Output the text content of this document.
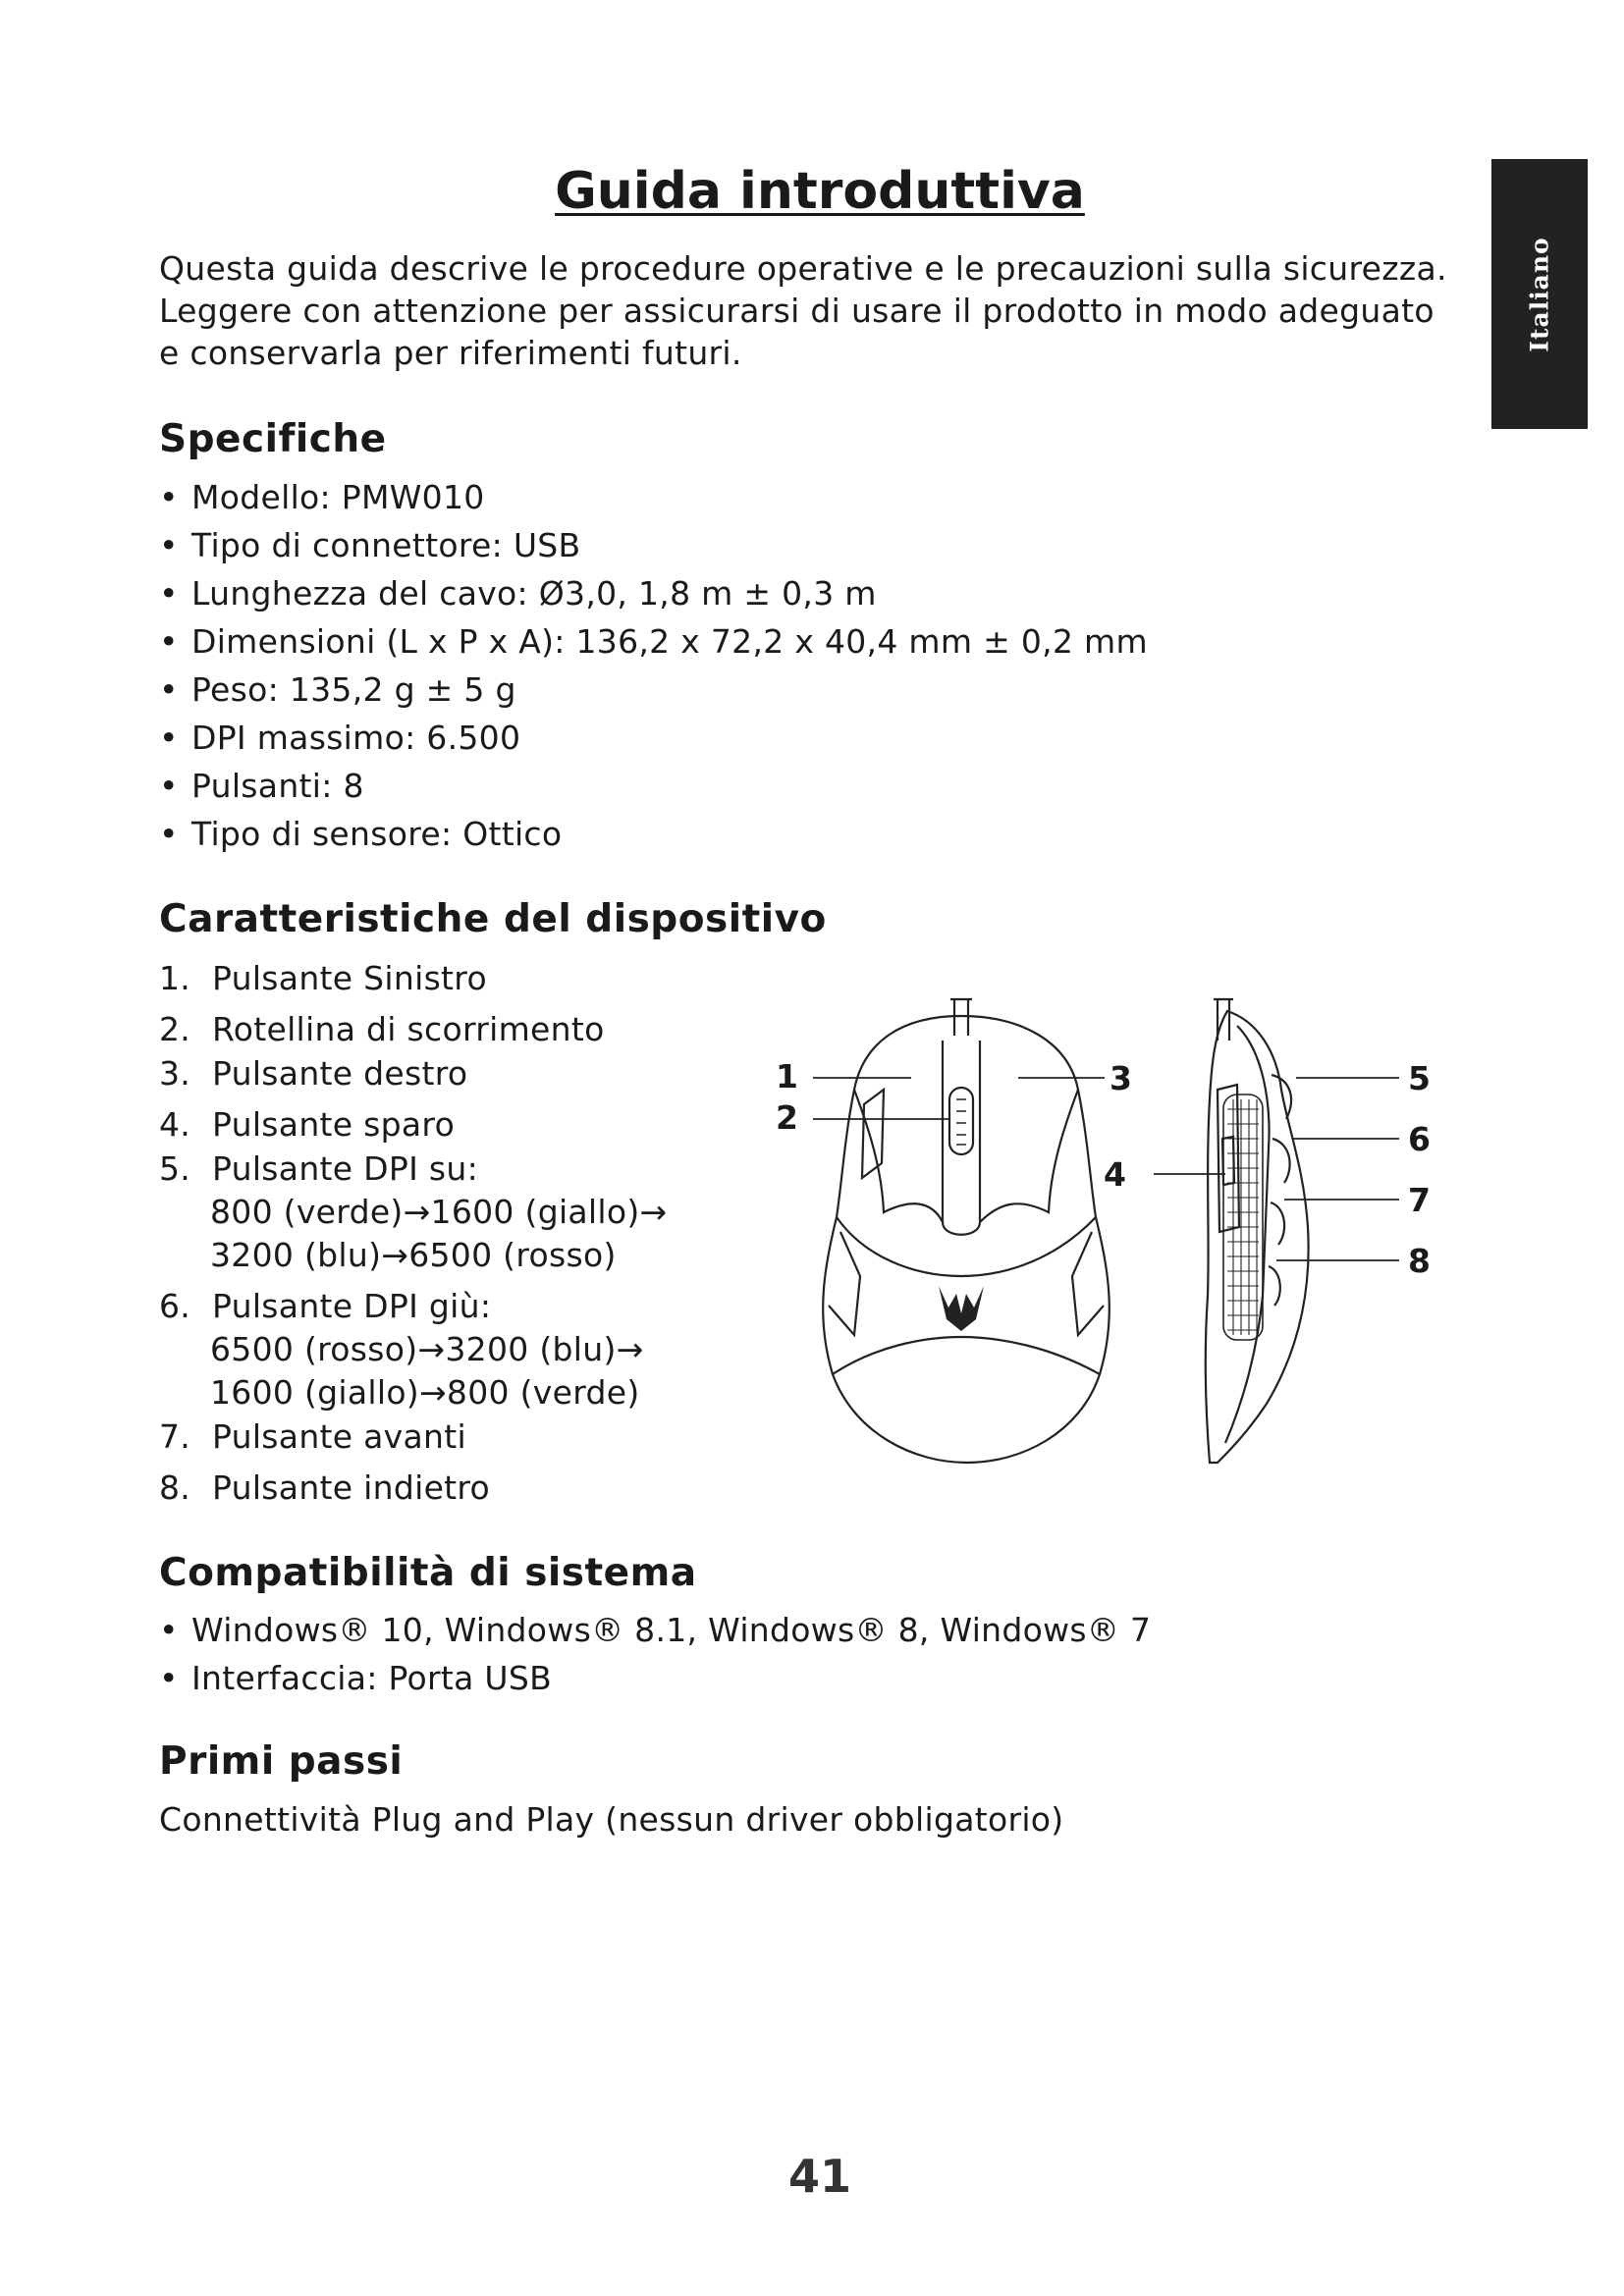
Italiano
Guida introduttiva

Questa guida descrive le procedure operative e le precauzioni sulla sicurezza. Leggere con attenzione per assicurarsi di usare il prodotto in modo adeguato e conservarla per riferimenti futuri.

Specifiche
• Modello: PMW010
• Tipo di connettore: USB
• Lunghezza del cavo: Ø3,0, 1,8 m ± 0,3 m
• Dimensioni (L x P x A): 136,2 x 72,2 x 40,4 mm ± 0,2 mm
• Peso: 135,2 g ± 5 g
• DPI massimo: 6.500
• Pulsanti: 8
• Tipo di sensore: Ottico
Caratteristiche del dispositivo
1. Pulsante Sinistro
2. Rotellina di scorrimento
3. Pulsante destro
4. Pulsante sparo
5. Pulsante DPI su:
800 (verde)→1600 (giallo)→
3200 (blu)→6500 (rosso)
6. Pulsante DPI giù:
6500 (rosso)→3200 (blu)→
1600 (giallo)→800 (verde)
7. Pulsante avanti
8. Pulsante indietro
1
2
3
4
5
6
7
8
Compatibilità di sistema
• Windows® 10, Windows® 8.1, Windows® 8, Windows® 7
• Interfaccia: Porta USB
Primi passi

Connettività Plug and Play (nessun driver obbligatorio)

41
